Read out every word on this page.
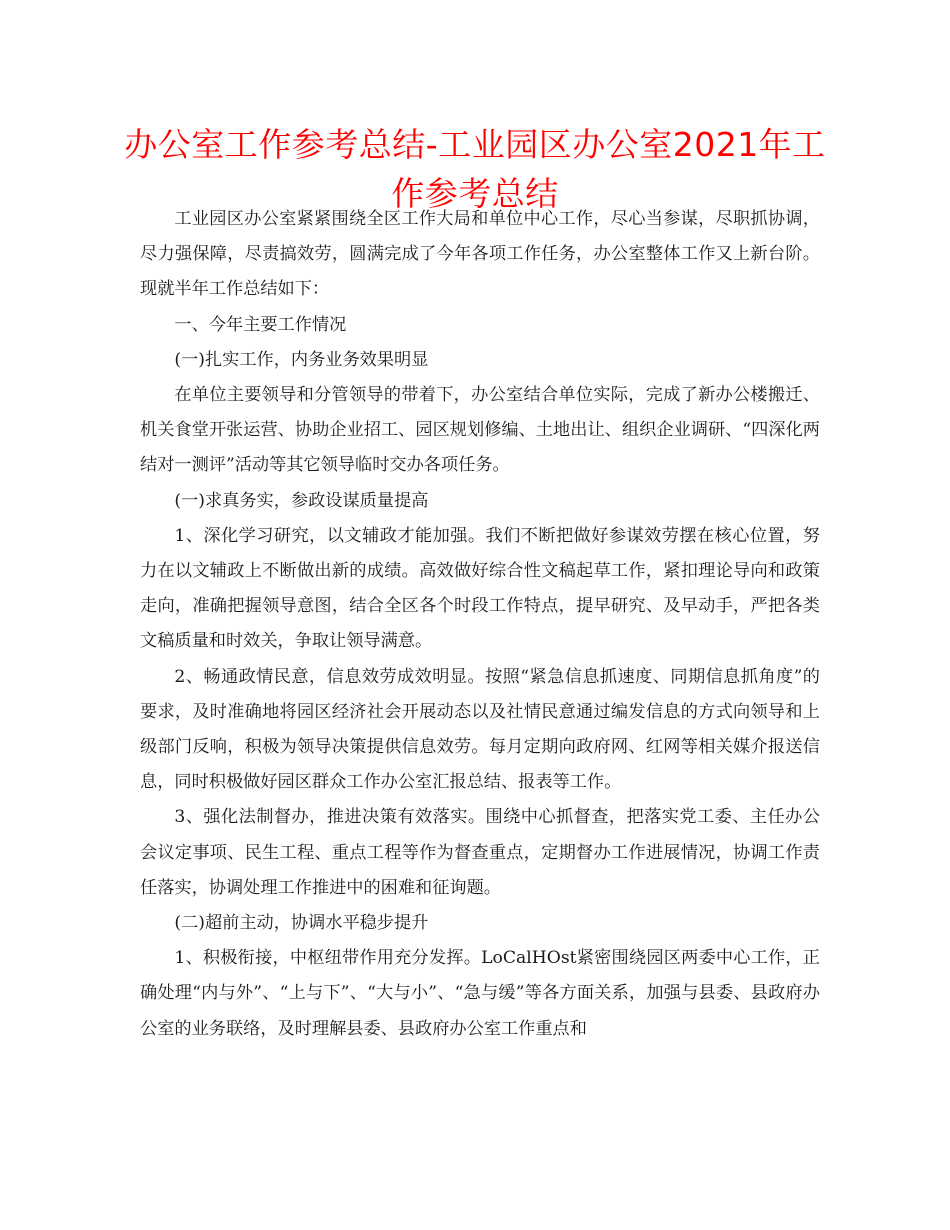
办公室工作参考总结-工业园区办公室2021年工作参考总结

工业园区办公室紧紧围绕全区工作大局和单位中心工作，尽心当参谋，尽职抓协调，尽力强保障，尽责搞效劳，圆满完成了今年各项工作任务，办公室整体工作又上新台阶。现就半年工作总结如下：

一、今年主要工作情况

(一)扎实工作，内务业务效果明显

在单位主要领导和分管领导的带着下，办公室结合单位实际，完成了新办公楼搬迁、机关食堂开张运营、协助企业招工、园区规划修编、土地出让、组织企业调研、“四深化两结对一测评”活动等其它领导临时交办各项任务。

(一)求真务实，参政设谋质量提高

1、深化学习研究，以文辅政才能加强。我们不断把做好参谋效劳摆在核心位置，努力在以文辅政上不断做出新的成绩。高效做好综合性文稿起草工作，紧扣理论导向和政策走向，准确把握领导意图，结合全区各个时段工作特点，提早研究、及早动手，严把各类文稿质量和时效关，争取让领导满意。

2、畅通政情民意，信息效劳成效明显。按照“紧急信息抓速度、同期信息抓角度”的要求，及时准确地将园区经济社会开展动态以及社情民意通过编发信息的方式向领导和上级部门反响，积极为领导决策提供信息效劳。每月定期向政府网、红网等相关媒介报送信息，同时积极做好园区群众工作办公室汇报总结、报表等工作。

3、强化法制督办，推进决策有效落实。围绕中心抓督查，把落实党工委、主任办公会议定事项、民生工程、重点工程等作为督查重点，定期督办工作进展情况，协调工作责任落实，协调处理工作推进中的困难和征询题。

(二)超前主动，协调水平稳步提升

1、积极衔接，中枢纽带作用充分发挥。LoCalHOst紧密围绕园区两委中心工作，正确处理“内与外”、“上与下”、“大与小”、“急与缓”等各方面关系，加强与县委、县政府办公室的业务联络，及时理解县委、县政府办公室工作重点和
